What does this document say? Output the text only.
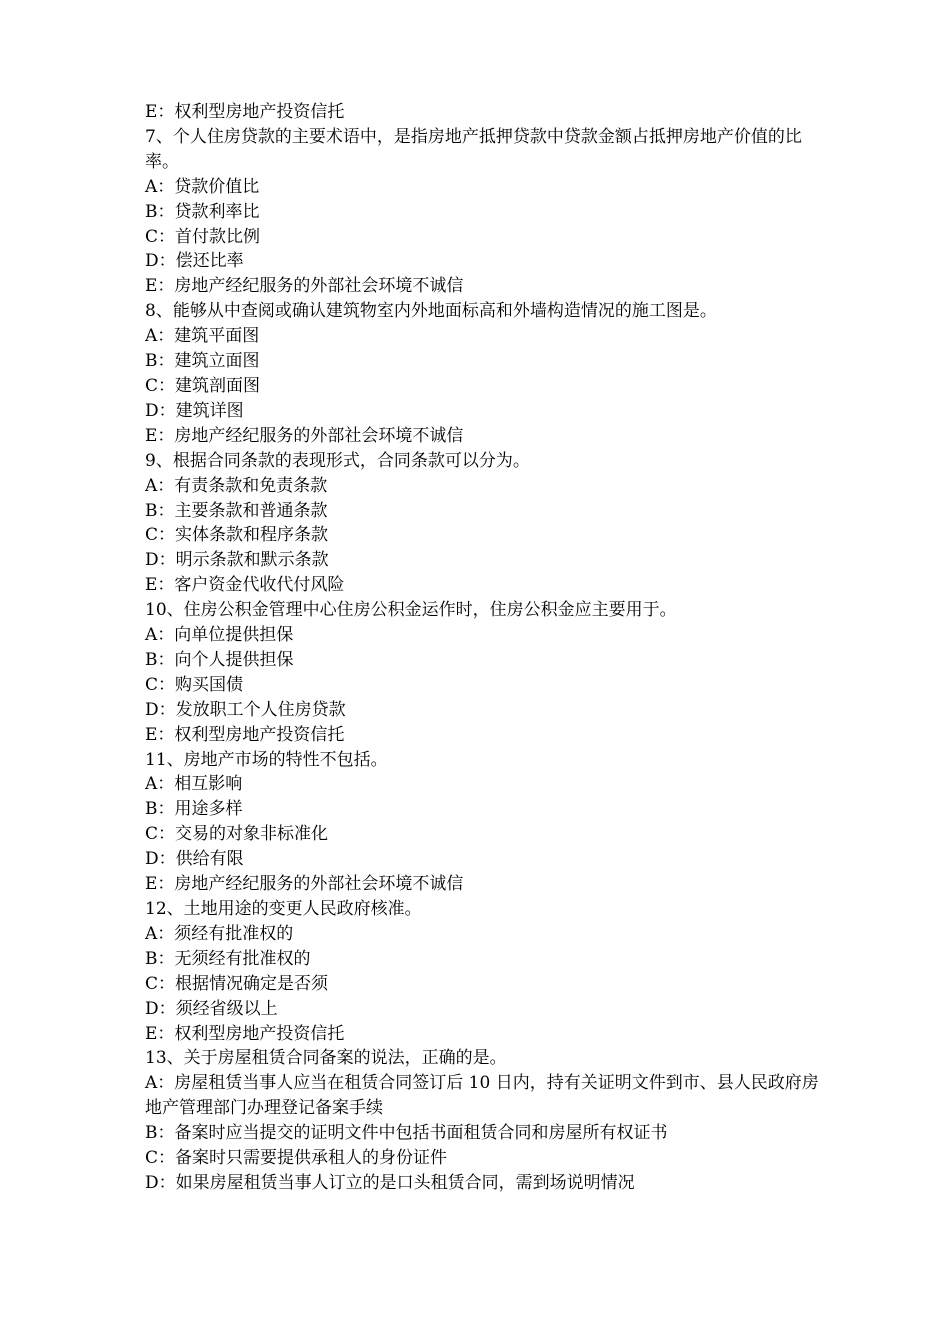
E：权利型房地产投资信托

7、个人住房贷款的主要术语中，是指房地产抵押贷款中贷款金额占抵押房地产价值的比率。

A：贷款价值比

B：贷款利率比

C：首付款比例

D：偿还比率

E：房地产经纪服务的外部社会环境不诚信

8、能够从中查阅或确认建筑物室内外地面标高和外墙构造情况的施工图是。

A：建筑平面图

B：建筑立面图

C：建筑剖面图

D：建筑详图

E：房地产经纪服务的外部社会环境不诚信

9、根据合同条款的表现形式，合同条款可以分为。

A：有责条款和免责条款

B：主要条款和普通条款

C：实体条款和程序条款

D：明示条款和默示条款

E：客户资金代收代付风险

10、住房公积金管理中心住房公积金运作时，住房公积金应主要用于。

A：向单位提供担保

B：向个人提供担保

C：购买国债

D：发放职工个人住房贷款

E：权利型房地产投资信托

11、房地产市场的特性不包括。

A：相互影响

B：用途多样

C：交易的对象非标准化

D：供给有限

E：房地产经纪服务的外部社会环境不诚信

12、土地用途的变更人民政府核准。

A：须经有批准权的

B：无须经有批准权的

C：根据情况确定是否须

D：须经省级以上

E：权利型房地产投资信托

13、关于房屋租赁合同备案的说法，正确的是。

A：房屋租赁当事人应当在租赁合同签订后 10 日内，持有关证明文件到市、县人民政府房地产管理部门办理登记备案手续

B：备案时应当提交的证明文件中包括书面租赁合同和房屋所有权证书

C：备案时只需要提供承租人的身份证件

D：如果房屋租赁当事人订立的是口头租赁合同，需到场说明情况
